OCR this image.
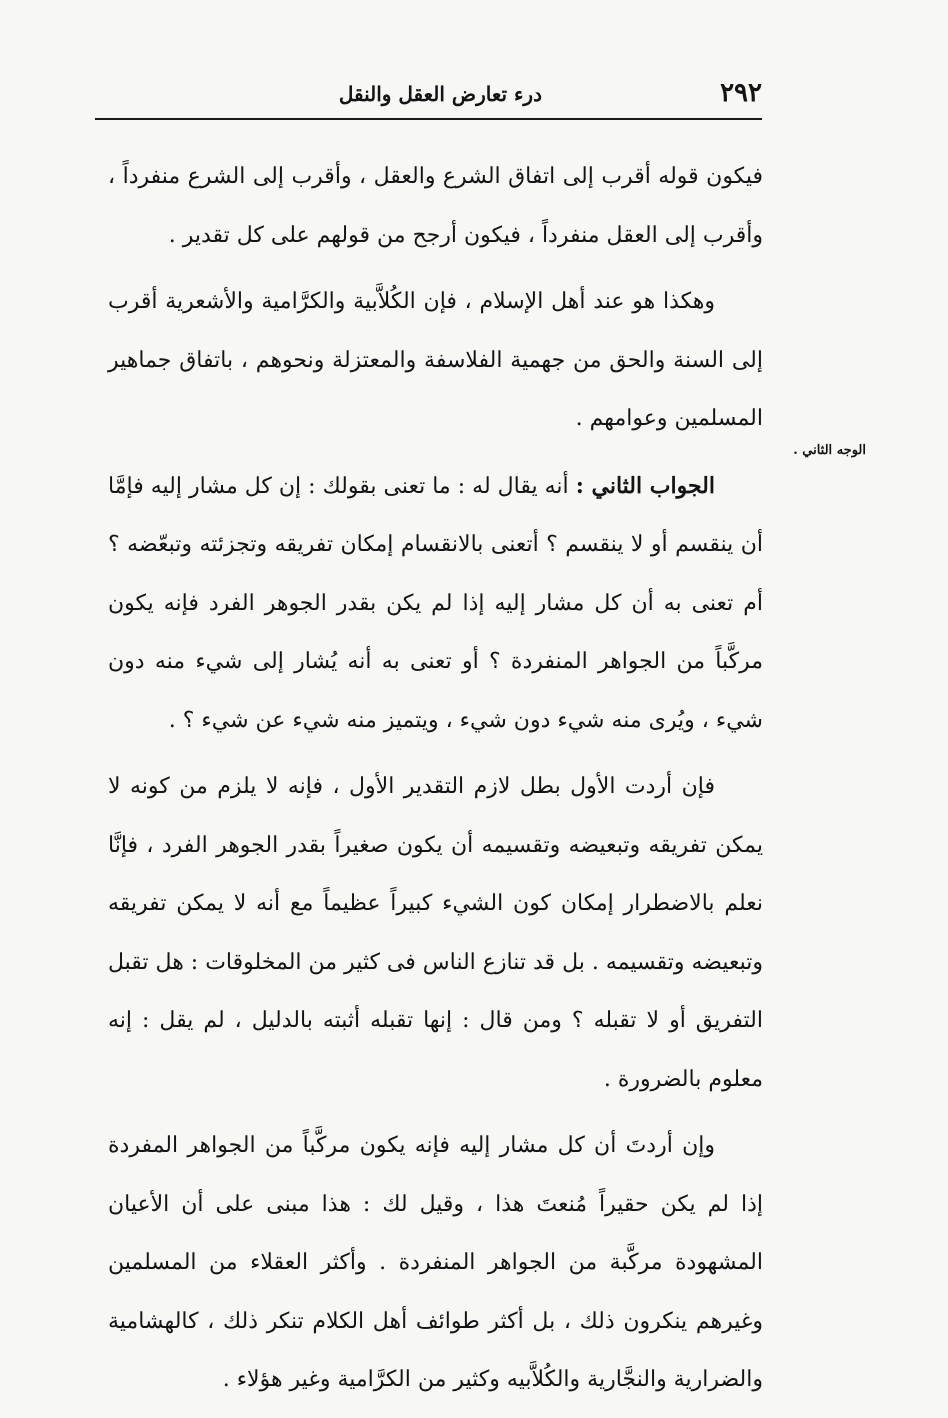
٢٩٢
درء تعارض العقل والنقل
الوجه الثاني .

فيكون قوله أقرب إلى اتفاق الشرع والعقل ، وأقرب إلى الشرع منفرداً ، وأقرب إلى العقل منفرداً ، فيكون أرجح من قولهم على كل تقدير .

وهكذا هو عند أهل الإسلام ، فإن الكُلاَّبية والكرَّامية والأشعرية أقرب إلى السنة والحق من جهمية الفلاسفة والمعتزلة ونحوهم ، باتفاق جماهير المسلمين وعوامهم .

الجواب الثاني : أنه يقال له : ما تعنى بقولك : إن كل مشار إليه فإمَّا أن ينقسم أو لا ينقسم ؟ أتعنى بالانقسام إمكان تفريقه وتجزئته وتبعّضه ؟ أم تعنى به أن كل مشار إليه إذا لم يكن بقدر الجوهر الفرد فإنه يكون مركَّباً من الجواهر المنفردة ؟ أو تعنى به أنه يُشار إلى شيء منه دون شيء ، ويُرى منه شيء دون شيء ، ويتميز منه شيء عن شيء ؟ .

فإن أردت الأول بطل لازم التقدير الأول ، فإنه لا يلزم من كونه لا يمكن تفريقه وتبعيضه وتقسيمه أن يكون صغيراً بقدر الجوهر الفرد ، فإنَّا نعلم بالاضطرار إمكان كون الشيء كبيراً عظيماً مع أنه لا يمكن تفريقه وتبعيضه وتقسيمه . بل قد تنازع الناس فى كثير من المخلوقات : هل تقبل التفريق أو لا تقبله ؟ ومن قال : إنها تقبله أثبته بالدليل ، لم يقل : إنه معلوم بالضرورة .

وإن أردتَ أن كل مشار إليه فإنه يكون مركَّباً من الجواهر المفردة إذا لم يكن حقيراً مُنعتَ هذا ، وقيل لك : هذا مبنى على أن الأعيان المشهودة مركَّبة من الجواهر المنفردة . وأكثر العقلاء من المسلمين وغيرهم ينكرون ذلك ، بل أكثر طوائف أهل الكلام تنكر ذلك ، كالهشامية والضرارية والنجَّارية والكُلاَّبيه وكثير من الكرَّامية وغير هؤلاء .
